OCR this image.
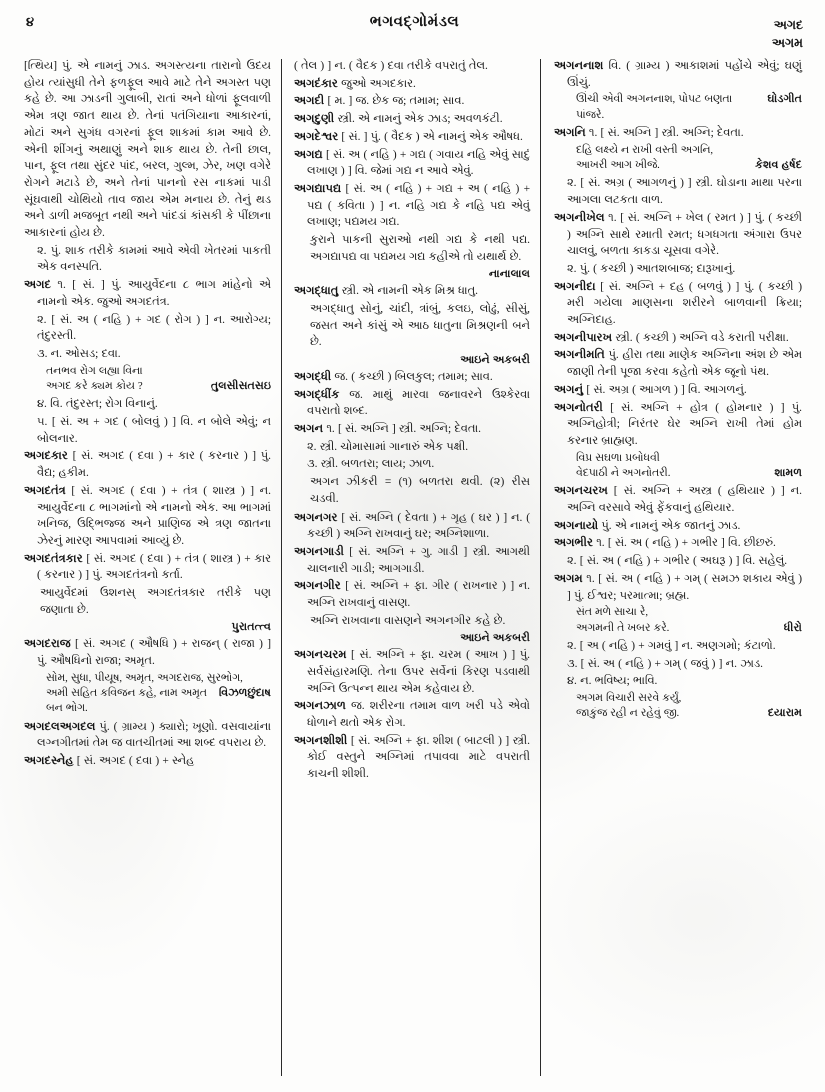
૪	ભગવદ્ગોમંડલ	અગદ
અગમ

[ત્થિય] પું. એ નામનું ઝાડ. અગસ્ત્યના તારાનો ઉદય હોય ત્યાંસુધી તેને ફળફૂલ આવે માટે તેને અગસ્ત પણ કહે છે. આ ઝાડની ગુલાબી, રાતાં અને ધોળાં ફૂલવાળી એમ ત્રણ જાત થાય છે. તેનાં પતંગિયાના આકારનાં, મોટાં અને સુગંધ વગરનાં ફૂલ શાકમાં કામ આવે છે. એની શીંગનું અથાણું અને શાક થાય છે. તેની છાલ, પાન, ફૂલ તથા સુંદર પાંદ, બરલ, ગુલ્મ, ઝેર, ખણ વગેરે રોગને મટાડે છે, અને તેનાં પાનનો રસ નાકમાં પાડી સૂંઘવાથી ચોથિયો તાવ જાય એમ મનાય છે. તેનું થડ અને ડાળી મજબૂત નથી અને પાંદડાં કાંસકી કે પીંછાના આકારનાં હોય છે.

૨. પું. શાક તરીકે કામમાં આવે એવી ખેતરમાં પાકતી એક વનસ્પતિ.

અગદ ૧. [ સં. ] પું. આયુર્વેદના ૮ ભાગ માંહેનો એ નામનો એક. જુઓ અગદતંત્ર.

૨. [ સં. અ ( નહિ ) + ગદ ( રોગ ) ] ન. આરોગ્ય; તંદુરસ્તી.

૩. ન. ઓસડ; દવા.

તનભવ રોગ લહ્યા વિના
અગદ કરે ક્યમ કોય ?	તુલસીસતસઇ

૪. વિ. તંદુરસ્ત; રોગ વિનાનું.

૫. [ સં. અ + ગદ ( બોલવું ) ] વિ. ન બોલે એવું; ન બોલનાર.

અગદકાર [ સં. અગદ ( દવા ) + કાર ( કરનાર ) ] પું. વૈદ્ય; હકીમ.

અગદતંત્ર [ સં. અગદ ( દવા ) + તંત્ર ( શાસ્ત્ર ) ] ન. આયુર્વેદના ૮ ભાગમાંનો એ નામનો એક. આ ભાગમાં ખનિજ, ઉદ્ભિજ્જ અને પ્રાણિજ એ ત્રણ જાતના ઝેરનું મારણ આપવામાં આવ્યું છે.

અગદતંત્રકાર [ સં. અગદ ( દવા ) + તંત્ર ( શાસ્ત્ર ) + કાર ( કરનાર ) ] પું. અગદતંત્રનો કર્તા.

આયુર્વેદમાં ઉશનસ્ અગદતંત્રકાર તરીકે પણ જણાતા છે.

પુરાતત્ત્વ

અગદરાજ [ સં. અગદ ( ઔષધિ ) + રાજન્ ( રાજા ) ] પું. ઔષધિનો રાજા; અમૃત.

સોમ, સુધા, પીયૂષ, અમૃત, અગદરાજ, સુરભોગ,
અમી સહિત કવિજન કહે, નામ અમૃત બન ભોગ.
વિઝળછુંદાષ

અગદલઅગદલ પું. ( ગ્રામ્ય ) ક્યારો; ખૂણો. વસવાયાંના લગ્નગીતમાં તેમ જ વાતચીતમાં આ શબ્દ વપરાય છે.

અગદસ્નેહ [ સં. અગદ ( દવા ) + સ્નેહ

( તેલ ) ] ન. ( વૈદક ) દવા તરીકે વપરાતું તેલ.

અગદંકાર જુઓ અગદકાર.

અગદી [ મ. ] જ. છેક જ; તમામ; સાવ.

અગદુણી સ્ત્રી. એ નામનું એક ઝાડ; અવળકંટી.

અગદેશ્વર [ સં. ] પું. ( વૈદક ) એ નામનું એક ઔષધ.

અગદ્ય [ સં. અ ( નહિ ) + ગદ્ય ( ગવાય નહિ એવું સાદું લખાણ ) ] વિ. જેમાં ગદ્ય ન આવે એવું.

અગદ્યાપદ્ય [ સં. અ ( નહિ ) + ગદ્ય + અ ( નહિ ) + પદ્ય ( કવિતા ) ] ન. નહિ ગદ્ય કે નહિ પદ્ય એવું લખાણ; પદ્યમય ગદ્ય.

કુરાને પાકની સુરાઓ નથી ગદ્ય કે નથી પદ્ય. અગદ્યાપદ્ય વા પદ્યમય ગદ્ય કહીએ તો યથાર્થ છે.

નાનાલાલ

અગદ્ધાતુ સ્ત્રી. એ નામની એક મિશ્ર ધાતુ.

અગદ્ધાતુ સોનું, ચાંદી, ત્રાંબું, કલઇ, લોઢું, સીસું, જસત અને કાંસું એ આઠ ધાતુના મિશ્રણની બને છે.

આઇને અકબરી

અગદ્ધી જ. ( કચ્છી ) બિલકુલ; તમામ; સાવ.

અગદ્ધીંક જ. માથું મારવા જનાવરને ઉશ્કેરવા વપરાતો શબ્દ.

અગન ૧. [ સં. અગ્નિ ] સ્ત્રી. અગ્નિ; દેવતા.

૨. સ્ત્રી. ચોમાસામાં ગાનારું એક પક્ષી.

૩. સ્ત્રી. બળતરા; લાય; ઝાળ.

અગન ઝીકરી = (૧) બળતરા થવી. (૨) રીસ ચડવી.

અગનગર [ સં. અગ્નિ ( દેવતા ) + ગૃહ ( ઘર ) ] ન. ( કચ્છી ) અગ્નિ રાખવાનું ઘર; અગ્નિશાળા.

અગનગાડી [ સં. અગ્નિ + ગુ. ગાડી ] સ્ત્રી. આગથી ચાલનારી ગાડી; આગગાડી.

અગનગીર [ સં. અગ્નિ + ફા. ગીર ( રાખનાર ) ] ન. અગ્નિ રાખવાનું વાસણ.

અગ્નિ રાખવાના વાસણને અગનગીર કહે છે.

આઇને અકબરી

અગનચરમ [ સં. અગ્નિ + ફા. ચરમ ( આખ ) ] પું. સર્વસંહારમણિ. તેના ઉપર સર્વેનાં કિરણ પડવાથી અગ્નિ ઉત્પન્ન થાય એમ કહેવાય છે.

અગનઝાળ જ. શરીરના તમામ વાળ ખરી પડે એવો ધોળાને થતો એક રોગ.

અગનશીશી [ સં. અગ્નિ + ફા. શીશ ( બાટલી ) ] સ્ત્રી. કોઈ વસ્તુને અગ્નિમાં તપાવવા માટે વપરાતી કાચની શીશી.

અગનનાશ વિ. ( ગ્રામ્ય ) આકાશમાં પહોંચે એવું; ઘણું ઊંચું.

ઊંચી એવી અગનનાશ, પોપટ બણતા પાંજરે.
ઘોડગીત

અગનિ ૧. [ સં. અગ્નિ ] સ્ત્રી. અગ્નિ; દેવતા.

દહિ લક્ષ્યે ન રાખી વસ્તી અગનિ,
આખરી આગ ખીજે.	કેશવ હર્ષદ

૨. [ સં. અગ્ર ( આગળનું ) ] સ્ત્રી. ઘોડાના માથા પરના આગલા લટકતા વાળ.

અગનીખેલ ૧. [ સં. અગ્નિ + ખેલ ( રમત ) ] પું. ( કચ્છી ) અગ્નિ સાથે રમાતી રમત; ધગધગતા અંગારા ઉપર ચાલવું, બળતા કાકડા ચૂસવા વગેરે.

૨. પું. ( કચ્છી ) આતશબાજ; દારૂખાનું.

અગનીદા [ સં. અગ્નિ + દહ ( બળવું ) ] પું. ( કચ્છી ) મરી ગયેલા માણસના શરીરને બાળવાની ક્રિયા; અગ્નિદાહ.

અગનીપારખ સ્ત્રી. ( કચ્છી ) અગ્નિ વડે કરાતી પરીક્ષા.

અગનીમતિ પું. હીરા તથા માણેક અગ્નિના અંશ છે એમ જાણી તેની પૂજા કરવા કહેતો એક જૂનો પંથ.

અગનું [ સં. અગ્ર ( આગળ ) ] વિ. આગળનું.

અગનોતરી [ સં. અગ્નિ + હોત્ર ( હોમનાર ) ] પું. અગ્નિહોત્રી; નિરંતર ઘેર અગ્નિ રાખી તેમાં હોમ કરનાર બ્રાહ્મણ.

વિપ્ર સઘળા પ્રબોધવી
વેદપાઠી ને અગનોતરી.	શામળ

અગનચરખ [ સં. અગ્નિ + અસ્ત્ર ( હથિયાર ) ] ન. અગ્નિ વરસાવે એવું ફેંકવાનું હથિયાર.

અગનાયો પું. એ નામનું એક જાતનું ઝાડ.

અગભીર ૧. [ સં. અ ( નહિ ) + ગભીર ] વિ. છીછરું.

૨. [ સં. અ ( નહિ ) + ગભીર ( અઘરૂ ) ] વિ. સહેલું.

અગમ ૧. [ સં. અ ( નહિ ) + ગમ્ ( સમઝ શકાય એવું ) ] પું. ઈશ્વર; પરમાત્મા; બ્રહ્મ.

સંત મળે સાચા રે,
અગમની તે ખબર કરે.	ધીરો

૨. [ અ ( નહિ ) + ગમવું ] ન. અણગમો; કંટાળો.

૩. [ સં. અ ( નહિ ) + ગમ્ ( જવું ) ] ન. ઝાડ.

૪. ન. ભવિષ્ય; ભાવિ.

અગમ વિચારી સરવે કર્યું,
જાકુંજ રહી ન રહેવું જી.	દયારામ
